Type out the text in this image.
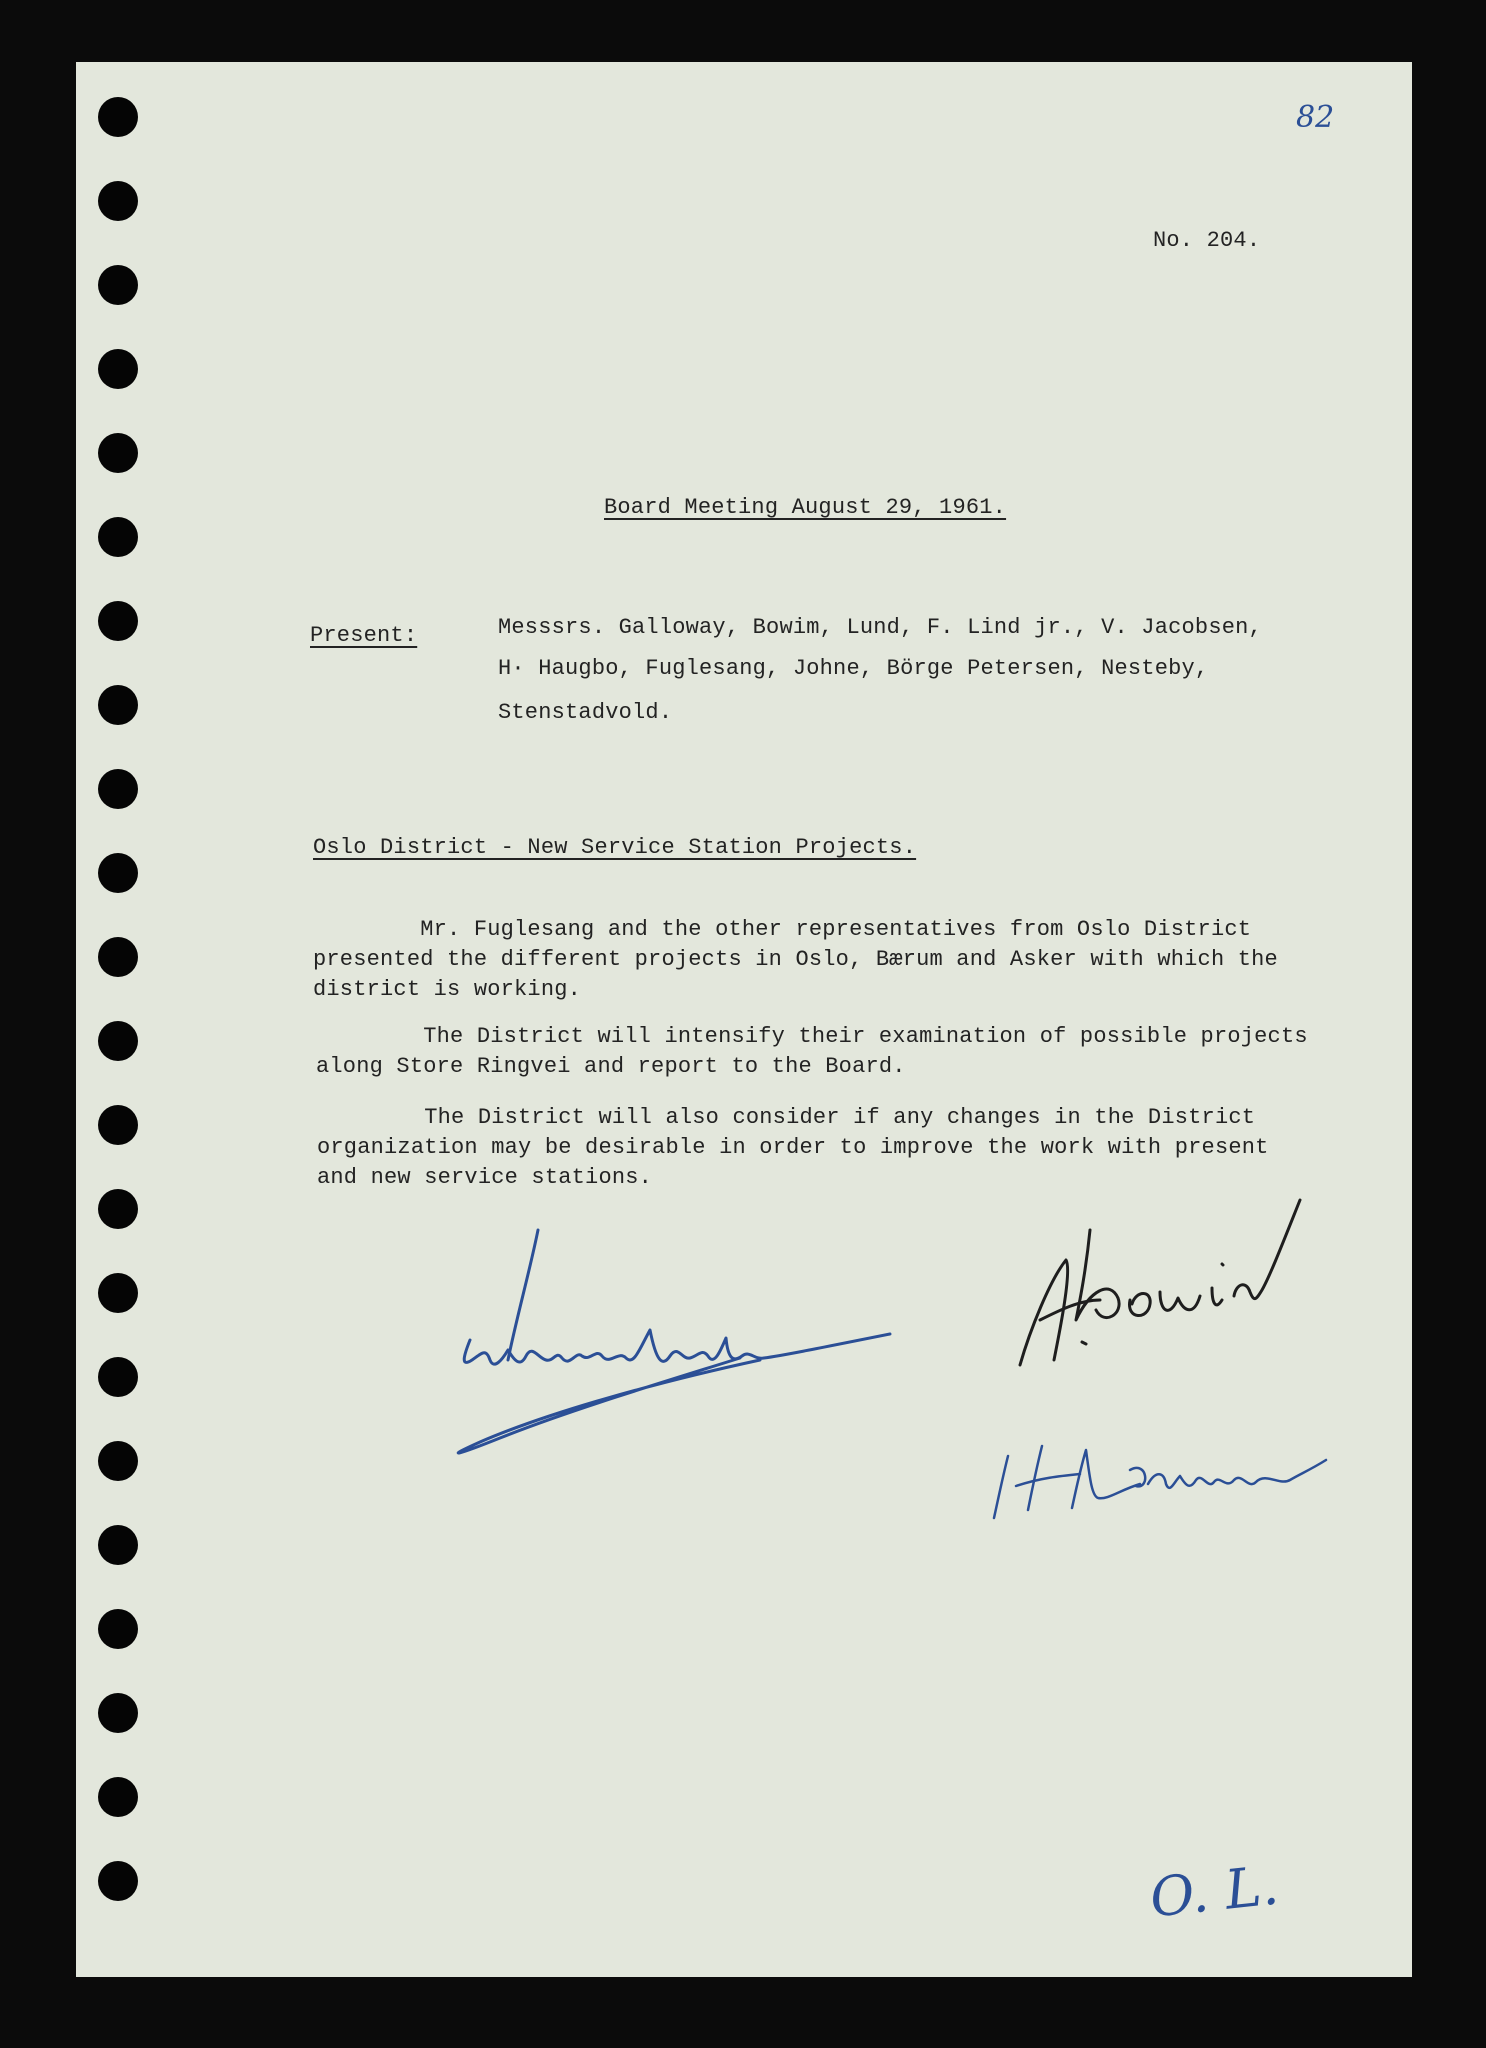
82

No. 204.

Board Meeting August 29, 1961.

Present:	Messsrs. Galloway, Bowim, Lund, F. Lind jr., V. Jacobsen,

H· Haugbo, Fuglesang, Johne, Börge Petersen, Nesteby,

Stenstadvold.

Oslo District - New Service Station Projects.

Mr. Fuglesang and the other representatives from Oslo District

presented the different projects in Oslo, Bærum and Asker with which the

district is working.

The District will intensify their examination of possible projects

along Store Ringvei and report to the Board.

The District will also consider if any changes in the District

organization may be desirable in order to improve the work with present

and new service stations.

O. L.
